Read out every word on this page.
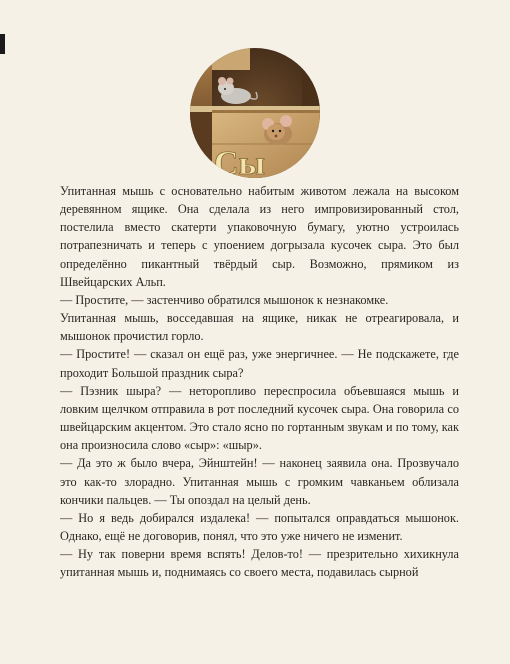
Сы

Упитанная мышь с основательно набитым животом лежала на высоком деревянном ящике. Она сделала из него импровизированный стол, постелила вместо скатерти упаковочную бумагу, уютно устроилась потрапезничать и теперь с упоением догрызала кусочек сыра. Это был определённо пикантный твёрдый сыр. Возможно, прямиком из Швейцарских Альп.

— Простите, — застенчиво обратился мышонок к незнакомке.

Упитанная мышь, восседавшая на ящике, никак не отреагировала, и мышонок прочистил горло.

— Простите! — сказал он ещё раз, уже энергичнее. — Не подскажете, где проходит Большой праздник сыра?

— Пэзник шыра? — неторопливо переспросила объевшаяся мышь и ловким щелчком отправила в рот последний кусочек сыра. Она говорила со швейцарским акцентом. Это стало ясно по гортанным звукам и по тому, как она произносила слово «сыр»: «шыр».

— Да это ж было вчера, Эйнштейн! — наконец заявила она. Прозвучало это как-то злорадно. Упитанная мышь с громким чавканьем облизала кончики пальцев. — Ты опоздал на целый день.

— Но я ведь добирался издалека! — попытался оправдаться мышонок. Однако, ещё не договорив, понял, что это уже ничего не изменит.

— Ну так поверни время вспять! Делов-то! — презрительно хихикнула упитанная мышь и, поднимаясь со своего места, подавилась сырной
